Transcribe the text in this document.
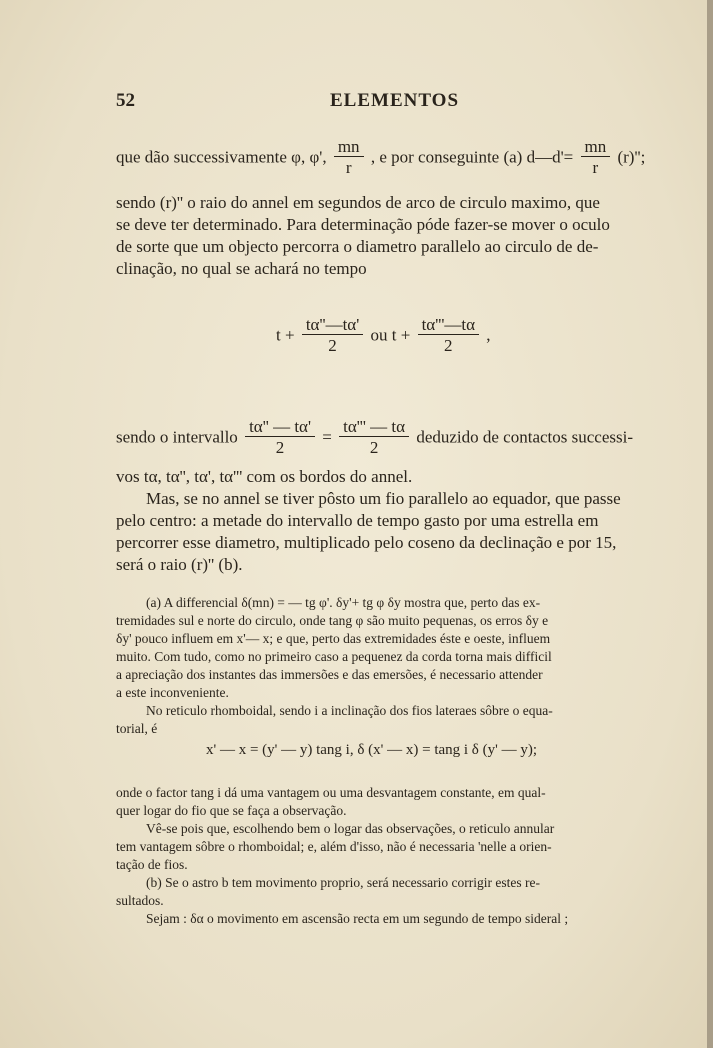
52	ELEMENTOS
que dão successivamente φ, φ', $\frac{mn}{r}$ , e por conseguinte (a) d—d'= $\frac{mn}{r} (r)''$;
sendo (r)'' o raio do annel em segundos de arco de circulo maximo, que
se deve ter determinado. Para determinação póde fazer-se mover o oculo
de sorte que um objecto percorra o diametro parallelo ao circulo de de-
clinação, no qual se achará no tempo
$t + \frac{t\alpha''—t\alpha'}{2}$ ou $t + \frac{t\alpha'''—t\alpha}{2}$ ,
sendo o intervallo $\frac{t\alpha'' — t\alpha'}{2} = \frac{t\alpha''' — t\alpha}{2}$ deduzido de contactos successi-
vos tα, tα'', tα', tα''' com os bordos do annel.
Mas, se no annel se tiver pôsto um fio parallelo ao equador, que passe
pelo centro: a metade do intervallo de tempo gasto por uma estrella em
percorrer esse diametro, multiplicado pelo coseno da declinação e por 15,
será o raio (r)'' (b).
(a) A differencial δ(mn) = — tg φ'. δy'+ tg φ δy mostra que, perto das ex-
tremidades sul e norte do circulo, onde tang φ são muito pequenas, os erros δy e
δy' pouco influem em x'— x; e que, perto das extremidades éste e oeste, influem
muito. Com tudo, como no primeiro caso a pequenez da corda torna mais difficil
a apreciação dos instantes das immersões e das emersões, é necessario attender
a este inconveniente.
No reticulo rhomboidal, sendo i a inclinação dos fios lateraes sôbre o equa-
torial, é
x' — x = (y' — y) tang i, δ (x' — x) = tang i δ (y' — y);
onde o factor tang i dá uma vantagem ou uma desvantagem constante, em qual-
quer logar do fio que se faça a observação.
Vê-se pois que, escolhendo bem o logar das observações, o reticulo annular
tem vantagem sôbre o rhomboidal; e, além d'isso, não é necessaria 'nelle a orien-
tação de fios.
(b) Se o astro b tem movimento proprio, será necessario corrigir estes re-
sultados.
Sejam : δα o movimento em ascensão recta em um segundo de tempo sideral ;
